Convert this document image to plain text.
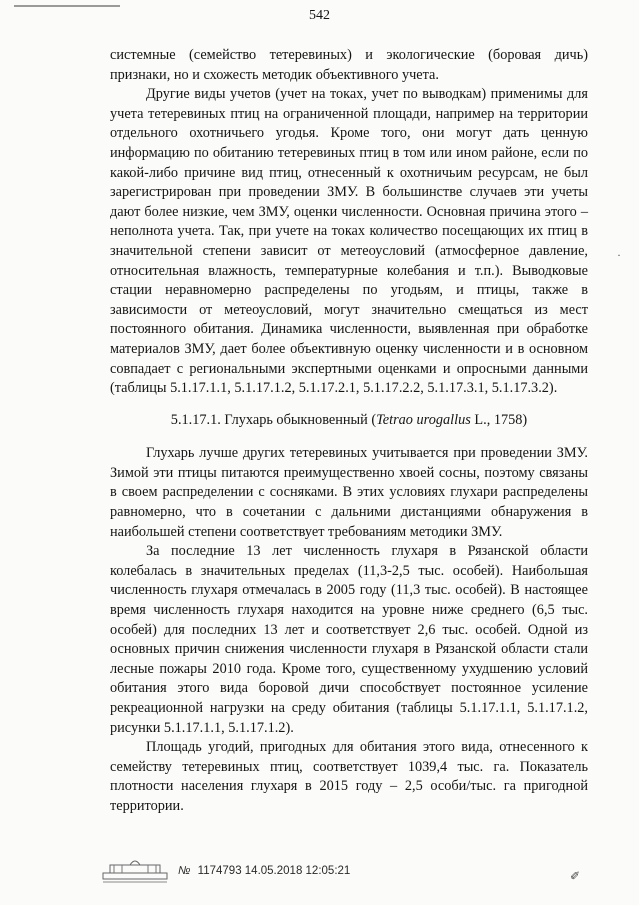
542

системные (семейство тетеревиных) и экологические (боровая дичь) признаки, но и схожесть методик объективного учета.

Другие виды учетов (учет на токах, учет по выводкам) применимы для учета тетеревиных птиц на ограниченной площади, например на территории отдельного охотничьего угодья. Кроме того, они могут дать ценную информацию по обитанию тетеревиных птиц в том или ином районе, если по какой-либо причине вид птиц, отнесенный к охотничьим ресурсам, не был зарегистрирован при проведении ЗМУ. В большинстве случаев эти учеты дают более низкие, чем ЗМУ, оценки численности. Основная причина этого – неполнота учета. Так, при учете на токах количество посещающих их птиц в значительной степени зависит от метеоусловий (атмосферное давление, относительная влажность, температурные колебания и т.п.). Выводковые стации неравномерно распределены по угодьям, и птицы, также в зависимости от метеоусловий, могут значительно смещаться из мест постоянного обитания. Динамика численности, выявленная при обработке материалов ЗМУ, дает более объективную оценку численности и в основном совпадает с региональными экспертными оценками и опросными данными (таблицы 5.1.17.1.1, 5.1.17.1.2, 5.1.17.2.1, 5.1.17.2.2, 5.1.17.3.1, 5.1.17.3.2).

5.1.17.1. Глухарь обыкновенный (Tetrao urogallus L., 1758)

Глухарь лучше других тетеревиных учитывается при проведении ЗМУ. Зимой эти птицы питаются преимущественно хвоей сосны, поэтому связаны в своем распределении с сосняками. В этих условиях глухари распределены равномерно, что в сочетании с дальними дистанциями обнаружения в наибольшей степени соответствует требованиям методики ЗМУ.

За последние 13 лет численность глухаря в Рязанской области колебалась в значительных пределах (11,3-2,5 тыс. особей). Наибольшая численность глухаря отмечалась в 2005 году (11,3 тыс. особей). В настоящее время численность глухаря находится на уровне ниже среднего (6,5 тыс. особей) для последних 13 лет и соответствует 2,6 тыс. особей. Одной из основных причин снижения численности глухаря в Рязанской области стали лесные пожары 2010 года. Кроме того, существенному ухудшению условий обитания этого вида боровой дичи способствует постоянное усиление рекреационной нагрузки на среду обитания (таблицы 5.1.17.1.1, 5.1.17.1.2, рисунки 5.1.17.1.1, 5.1.17.1.2).

Площадь угодий, пригодных для обитания этого вида, отнесенного к семейству тетеревиных птиц, соответствует 1039,4 тыс. га. Показатель плотности населения глухаря в 2015 году – 2,5 особи/тыс. га пригодной территории.

·
№ 1174793 14.05.2018 12:05:21	✐
